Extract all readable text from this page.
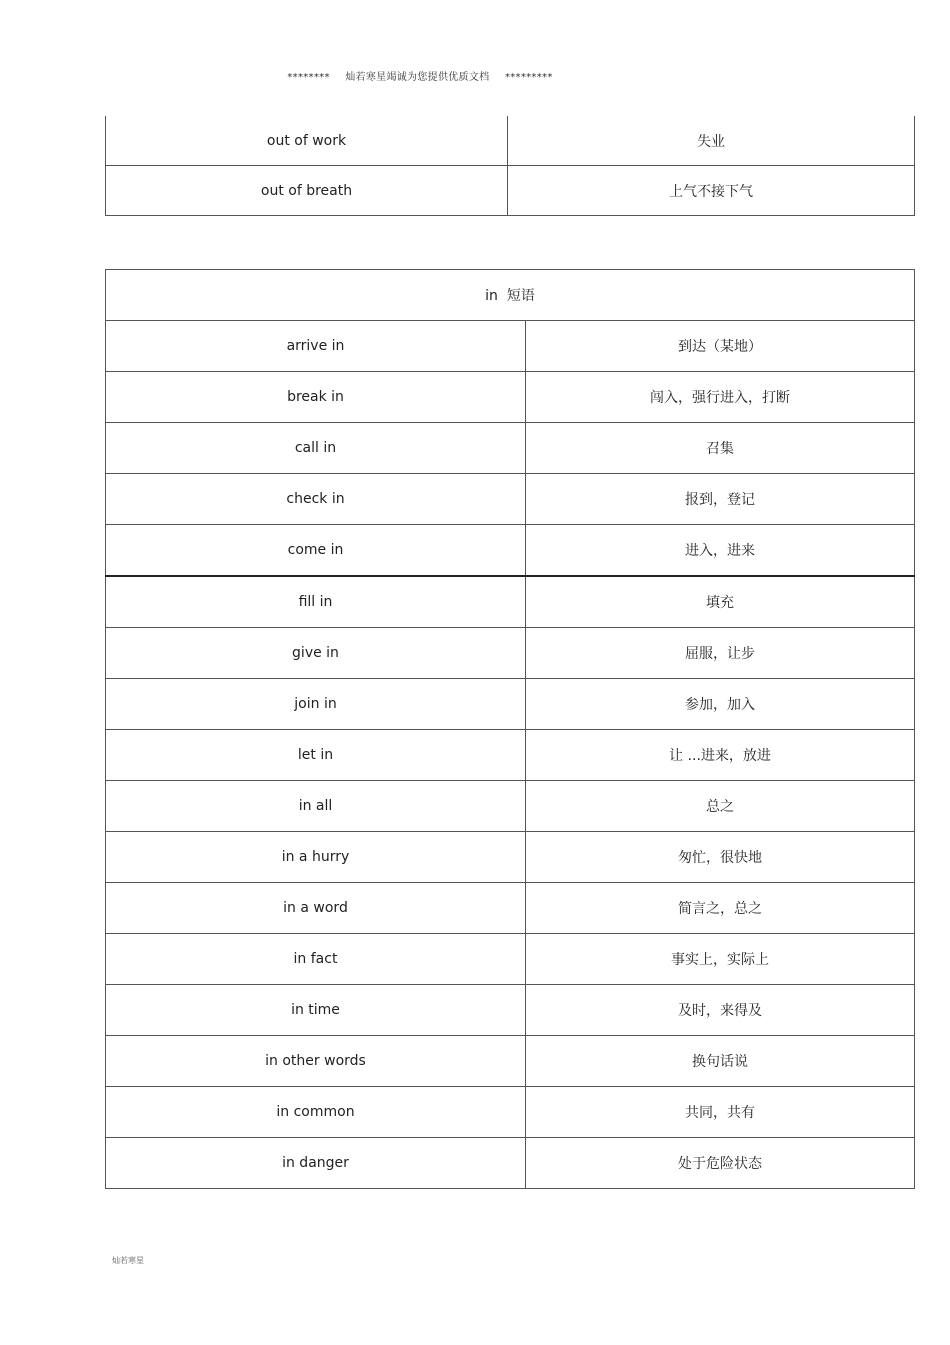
******** 灿若寒星竭诚为您提供优质文档 *********
out of work	失业
out of breath	上气不接下气
in  短语	
arrive in	到达（某地）
break in	闯入，强行进入，打断
call in	召集
check in	报到，登记
come in	进入，进来
fill in	填充
give in	屈服，让步
join in	参加，加入
let in	让 ...进来，放进
in all	总之
in a hurry	匆忙，很快地
in a word	简言之，总之
in fact	事实上，实际上
in time	及时，来得及
in other words	换句话说
in common	共同，共有
in danger	处于危险状态
灿若寒星
